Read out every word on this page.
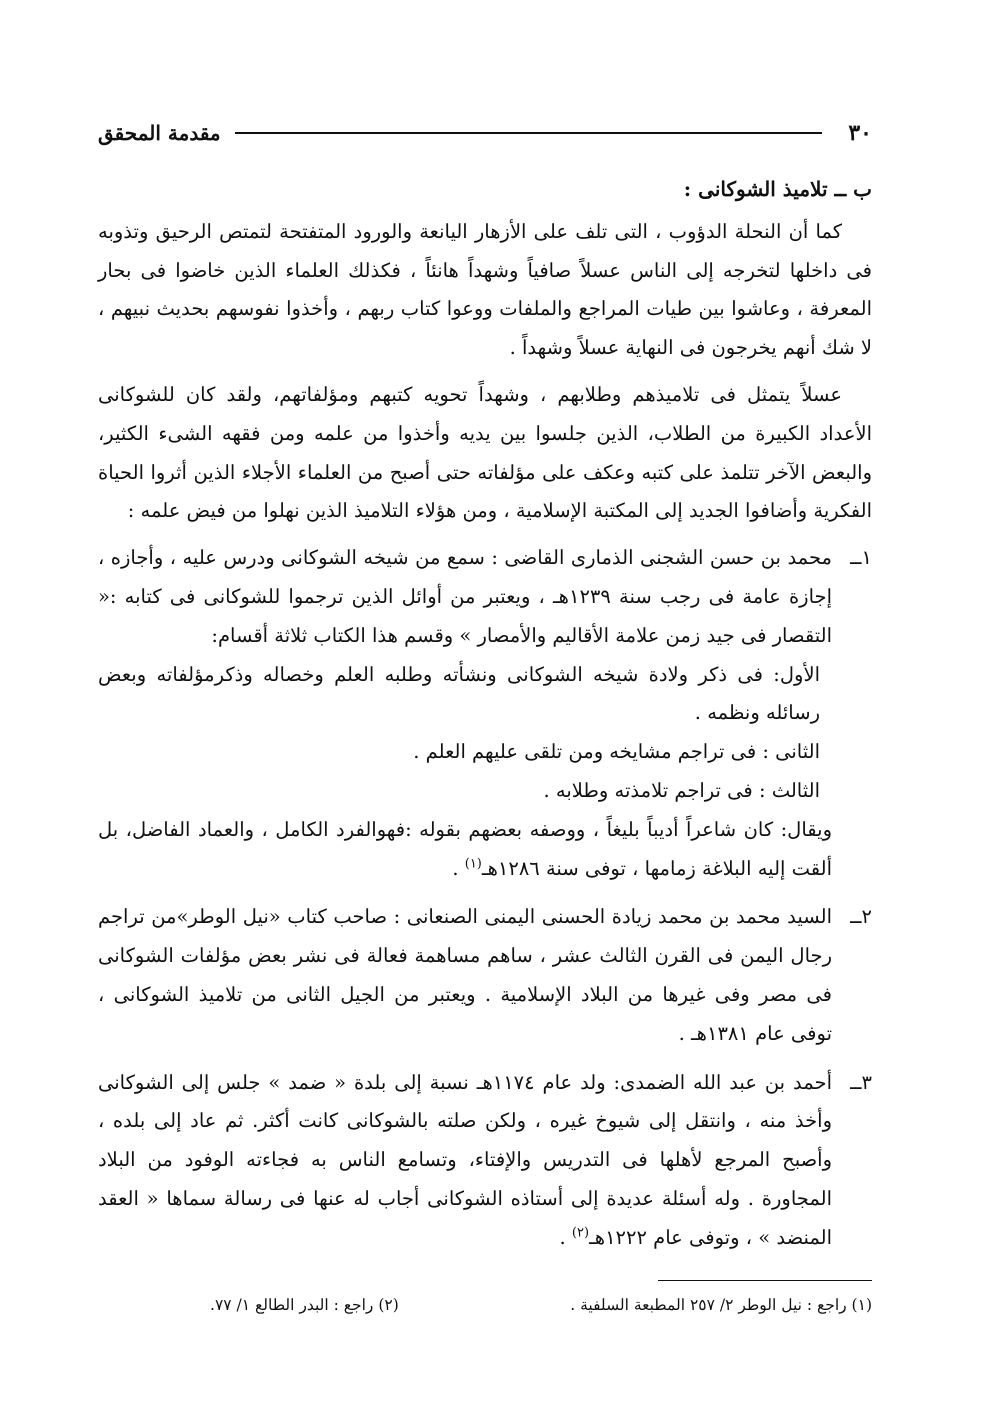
٣٠
مقدمة المحقق

ب ــ تلاميذ الشوكانى :

كما أن النحلة الدؤوب ، التى تلف على الأزهار اليانعة والورود المتفتحة لتمتص الرحيق وتذوبه فى داخلها لتخرجه إلى الناس عسلاً صافياً وشهداً هانئاً ، فكذلك العلماء الذين خاضوا فى بحار المعرفة ، وعاشوا بين طيات المراجع والملفات ووعوا كتاب ربهم ، وأخذوا نفوسهم بحديث نبيهم ، لا شك أنهم يخرجون فى النهاية عسلاً وشهداً .

عسلاً يتمثل فى تلاميذهم وطلابهم ، وشهداً تحويه كتبهم ومؤلفاتهم، ولقد كان للشوكانى الأعداد الكبيرة من الطلاب، الذين جلسوا بين يديه وأخذوا من علمه ومن فقهه الشىء الكثير، والبعض الآخر تتلمذ على كتبه وعكف على مؤلفاته حتى أصبح من العلماء الأجلاء الذين أثروا الحياة الفكرية وأضافوا الجديد إلى المكتبة الإسلامية ، ومن هؤلاء التلاميذ الذين نهلوا من فيض علمه :

١ــ

محمد بن حسن الشجنى الذمارى القاضى : سمع من شيخه الشوكانى ودرس عليه ، وأجازه ، إجازة عامة فى رجب سنة ١٢٣٩هـ ، ويعتبر من أوائل الذين ترجموا للشوكانى فى كتابه :« التقصار فى جيد زمن علامة الأقاليم والأمصار » وقسم هذا الكتاب ثلاثة أقسام:

الأول: فى ذكر ولادة شيخه الشوكانى ونشأته وطلبه العلم وخصاله وذكرمؤلفاته وبعض رسائله ونظمه .

الثانى : فى تراجم مشايخه ومن تلقى عليهم العلم .

الثالث : فى تراجم تلامذته وطلابه .

ويقال: كان شاعراً أديباً بليغاً ، ووصفه بعضهم بقوله :فهوالفرد الكامل ، والعماد الفاضل، بل ألقت إليه البلاغة زمامها ، توفى سنة ١٢٨٦هـ$^{(١)}$ .

٢ــ

السيد محمد بن محمد زيادة الحسنى اليمنى الصنعانى : صاحب كتاب «نيل الوطر»من تراجم رجال اليمن فى القرن الثالث عشر ، ساهم مساهمة فعالة فى نشر بعض مؤلفات الشوكانى فى مصر وفى غيرها من البلاد الإسلامية . ويعتبر من الجيل الثانى من تلاميذ الشوكانى ، توفى عام ١٣٨١هـ .

٣ــ

أحمد بن عبد الله الضمدى: ولد عام ١١٧٤هـ نسبة إلى بلدة « ضمد » جلس إلى الشوكانى وأخذ منه ، وانتقل إلى شيوخ غيره ، ولكن صلته بالشوكانى كانت أكثر. ثم عاد إلى بلده ، وأصبح المرجع لأهلها فى التدريس والإفتاء، وتسامع الناس به فجاءته الوفود من البلاد المجاورة . وله أسئلة عديدة إلى أستاذه الشوكانى أجاب له عنها فى رسالة سماها « العقد المنضد » ، وتوفى عام ١٢٢٢هـ$^{(٢)}$ .

(١) راجع : نيل الوطر ٢/ ٢٥٧ المطبعة السلفية .
(٢) راجع : البدر الطالع ١/ ٧٧.
